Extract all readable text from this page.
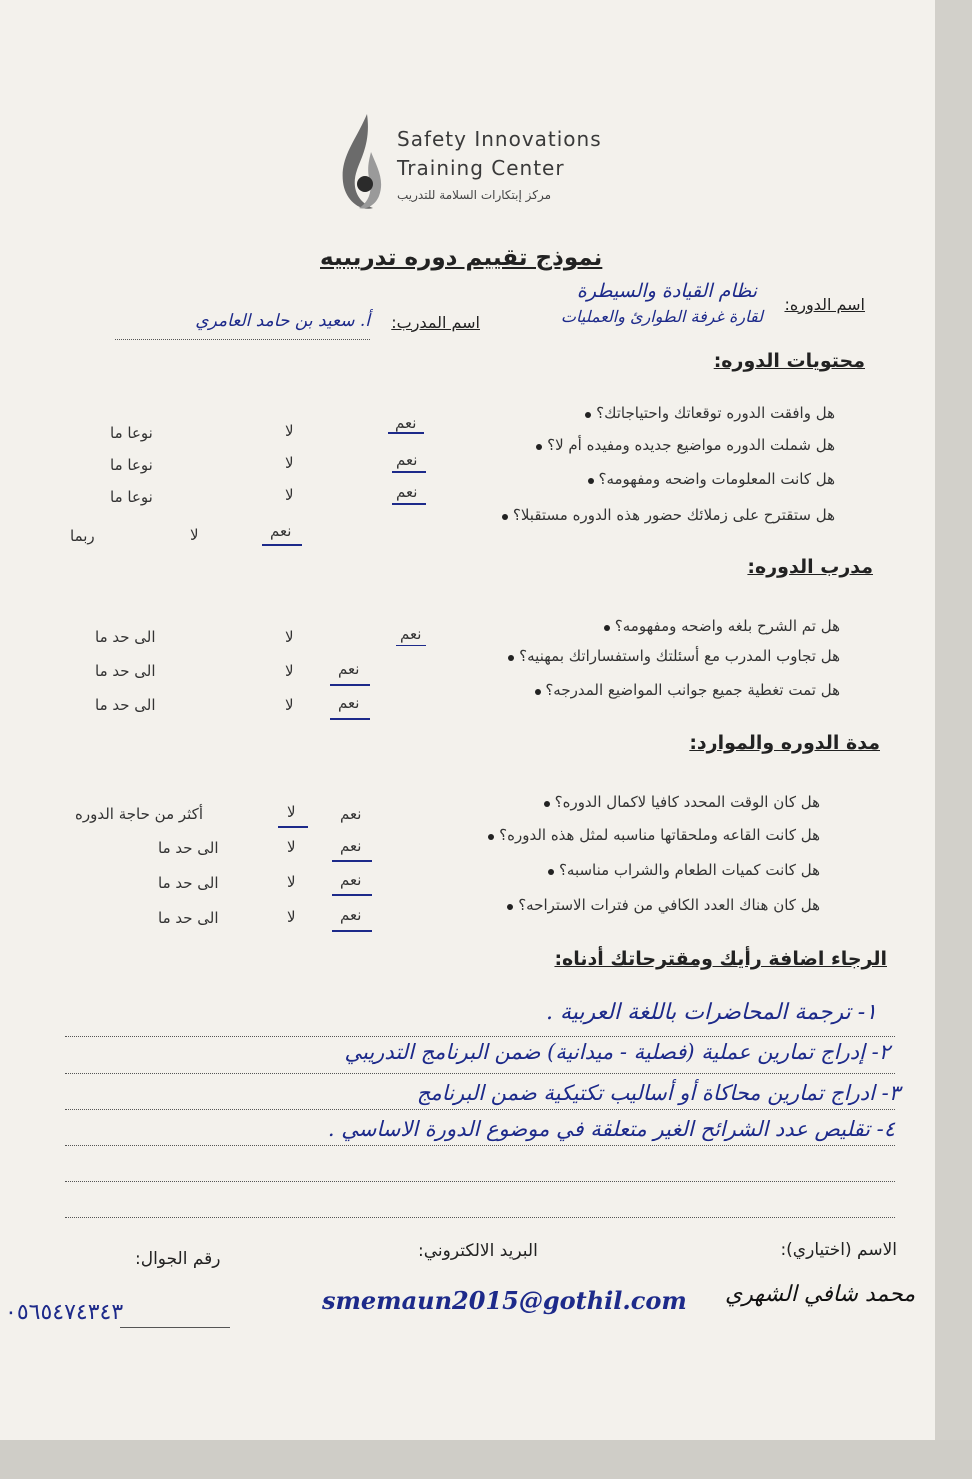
Safety Innovations
Training Center
مركز إبتكارات السلامة للتدريب
نموذج تقييم دوره تدريبيه
اسم الدوره:
نظام القيادة والسيطرة
لقارة غرفة الطوارئ والعمليات
اسم المدرب:
أ. سعيد بن حامد العامري
محتويات الدوره:
هل وافقت الدوره توقعاتك واحتياجاتك؟
نعم
لا
نوعا ما
هل شملت الدوره مواضيع جديده ومفيده أم لا؟
نعم
لا
نوعا ما
هل كانت المعلومات واضحه ومفهومه؟
نعم
لا
نوعا ما
هل ستقترح على زملائك حضور هذه الدوره مستقبلا؟
نعم
لا
ربما
مدرب الدوره:
هل تم الشرح بلغه واضحه ومفهومه؟
نعم
لا
الى حد ما
هل تجاوب المدرب مع أسئلتك واستفساراتك بمهنيه؟
نعم
لا
الى حد ما
هل تمت تغطية جميع جوانب المواضيع المدرجه؟
نعم
لا
الى حد ما
مدة الدوره والموارد:
هل كان الوقت المحدد كافيا لاكمال الدوره؟
نعم
لا
أكثر من حاجة الدوره
هل كانت القاعه وملحقاتها مناسبه لمثل هذه الدوره؟
نعم
لا
الى حد ما
هل كانت كميات الطعام والشراب مناسبه؟
نعم
لا
الى حد ما
هل كان هناك العدد الكافي من فترات الاستراحه؟
نعم
لا
الى حد ما
الرجاء اضافة رأيك ومقترحاتك أدناه:
١- ترجمة المحاضرات باللغة العربية .
٢- إدراج تمارين عملية (فصلية - ميدانية) ضمن البرنامج التدريبي
٣- ادراج تمارين محاكاة أو أساليب تكتيكية ضمن البرنامج
٤- تقليص عدد الشرائح الغير متعلقة في موضوع الدورة الاساسي .
الاسم (اختياري):
البريد الالكتروني:
رقم الجوال:
محمد شافي الشهري
smemaun2015@gothil.com
٠٥٦٥٤٧٤٣٤٣
